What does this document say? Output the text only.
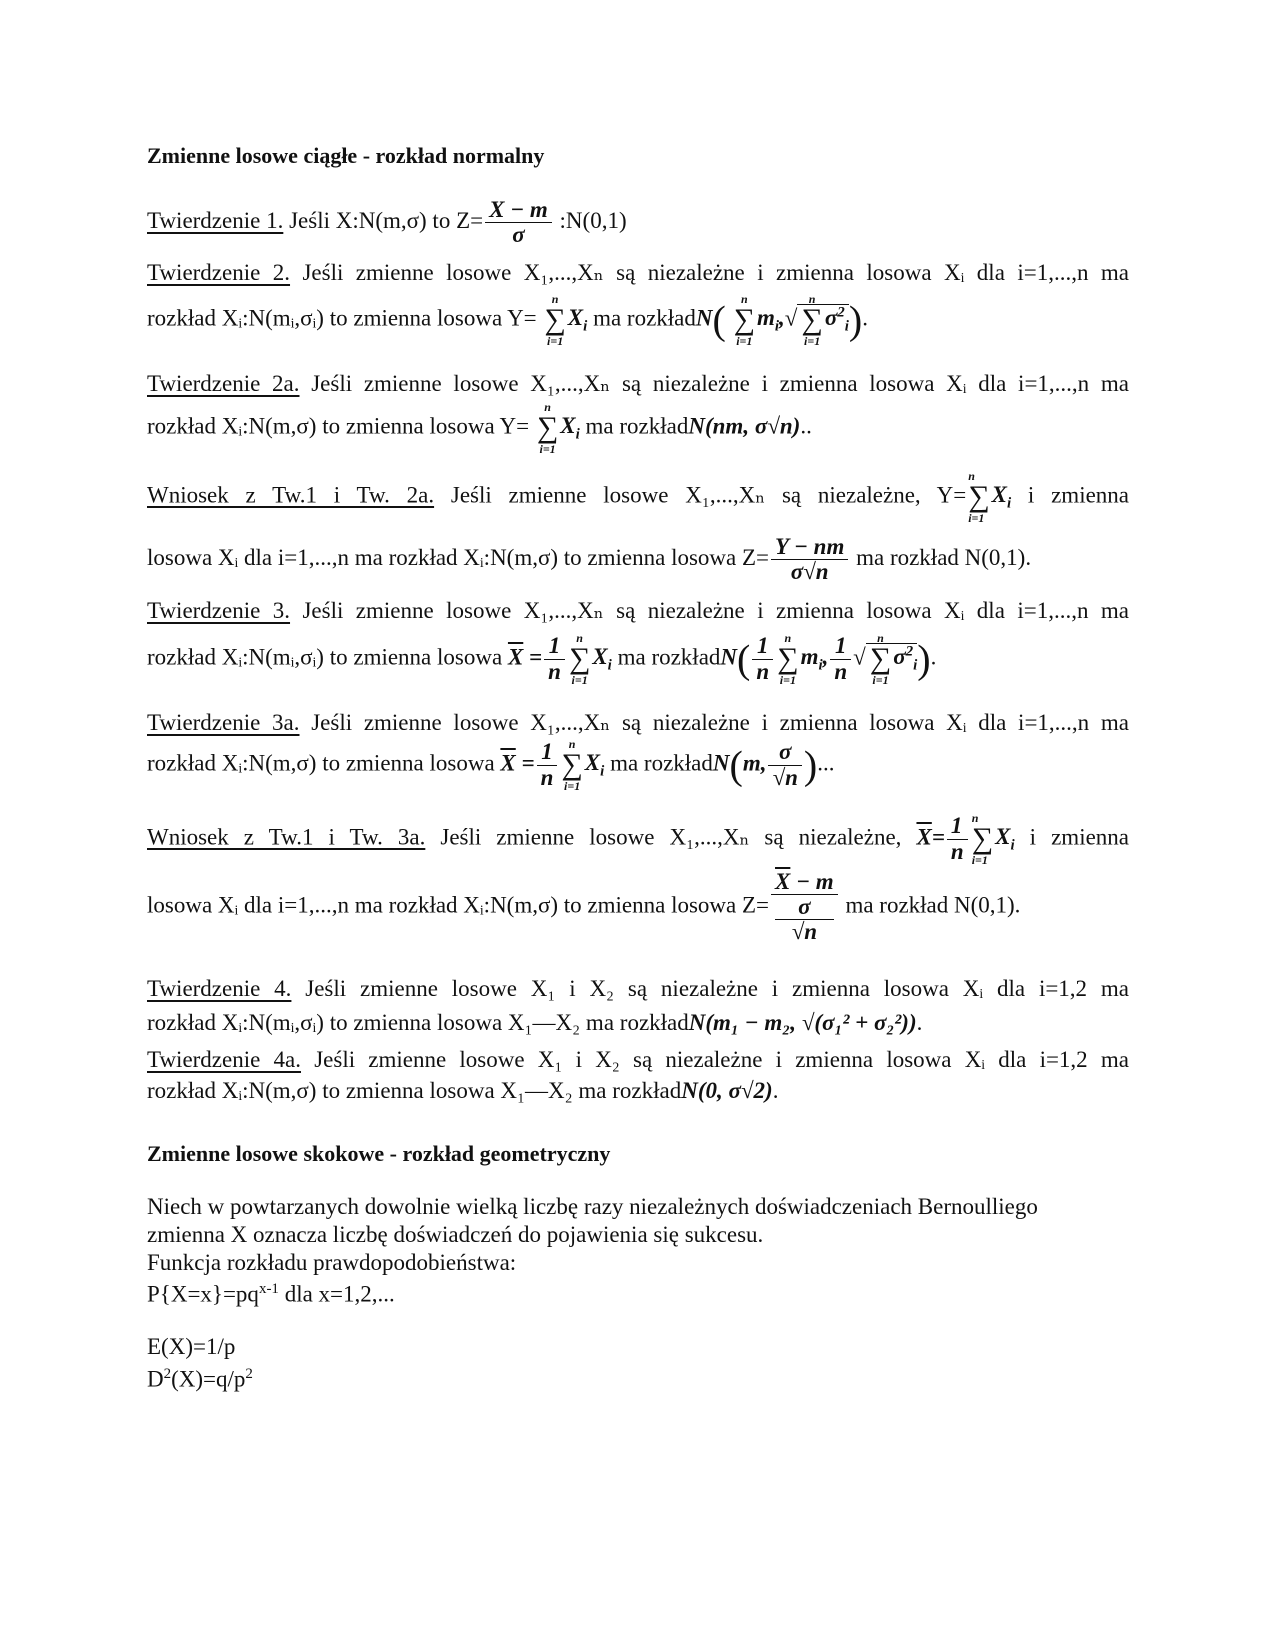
Zmienne losowe ciągłe - rozkład normalny
Twierdzenie 1. Jeśli X:N(m,σ) to $Z= \frac{X - m}{\sigma}$ :N(0,1)
Twierdzenie 2. Jeśli zmienne losowe X₁,...,Xₙ są niezależne i zmienna losowa Xᵢ dla i=1,...,n ma
rozkład Xᵢ:N(mᵢ,σᵢ) to zmienna losowa Y=
n
∑
i=1
$X_i$ ma rozkładN(	n
∑
i=1
$m_i,√$
n
∑
i=1
$\sigma^2_i$).
Twierdzenie 2a. Jeśli zmienne losowe X₁,...,Xₙ są niezależne i zmienna losowa Xᵢ dla i=1,...,n ma
rozkład Xᵢ:N(m,σ) to zmienna losowa Y=
n
∑
i=1
$X_i$ ma rozkładN(nm, σ√n)..
Wniosek z Tw.1 i Tw. 2a. Jeśli zmienne losowe X₁,...,Xₙ są niezależne, Y=
n
∑
i=1
$X_i$ i zmienna
losowa Xᵢ dla i=1,...,n ma rozkład Xᵢ:N(m,σ) to zmienna losowa $Z= \frac{Y - nm}{\sigma√n}$ ma rozkład N(0,1).
Twierdzenie 3. Jeśli zmienne losowe X₁,...,Xₙ są niezależne i zmienna losowa Xᵢ dla i=1,...,n ma
rozkład Xᵢ:N(mᵢ,σᵢ) to zmienna losowa $\overline{X} = \frac{1}{n}$ n
∑
i=1
$X_i$ ma rozkładN( $\frac{1}{n}$ n
∑
i=1
$m_i$, $\frac{1}{n}$ √
n
∑
i=1
$\sigma^2_i$).
Twierdzenie 3a. Jeśli zmienne losowe X₁,...,Xₙ są niezależne i zmienna losowa Xᵢ dla i=1,...,n ma
rozkład Xᵢ:N(m,σ) to zmienna losowa $\overline{X} = \frac{1}{n}$ n
∑
i=1
$X_i$ ma rozkładN(m, $\frac{\sigma}{√n}$ )...
Wniosek z Tw.1 i Tw. 3a. Jeśli zmienne losowe X₁,...,Xₙ są niezależne, $\overline{X}= \frac{1}{n}$ n
∑
i=1
$X_i$ i zmienna
losowa Xᵢ dla i=1,...,n ma rozkład Xᵢ:N(m,σ) to zmienna losowa $Z= \overline{X} - m$
σ
√n ma rozkład N(0,1).
Twierdzenie 4. Jeśli zmienne losowe X₁ i X₂ są niezależne i zmienna losowa Xᵢ dla i=1,2 ma
rozkład Xᵢ:N(mᵢ,σᵢ) to zmienna losowa X₁—X₂ ma rozkładN(m₁ − m₂, √(σ₁² + σ₂²)).
Twierdzenie 4a. Jeśli zmienne losowe X₁ i X₂ są niezależne i zmienna losowa Xᵢ dla i=1,2 ma
rozkład Xᵢ:N(m,σ) to zmienna losowa X₁—X₂ ma rozkładN(0, σ√2).
Zmienne losowe skokowe - rozkład geometryczny
Niech w powtarzanych dowolnie wielką liczbę razy niezależnych doświadczeniach Bernoulliego
zmienna X oznacza liczbę doświadczeń do pojawienia się sukcesu.
Funkcja rozkładu prawdopodobieństwa:
$P\{X=x\}=pq^{x-1}$ dla x=1,2,...
E(X)=1/p
$D^2(X)=q/p^2$
